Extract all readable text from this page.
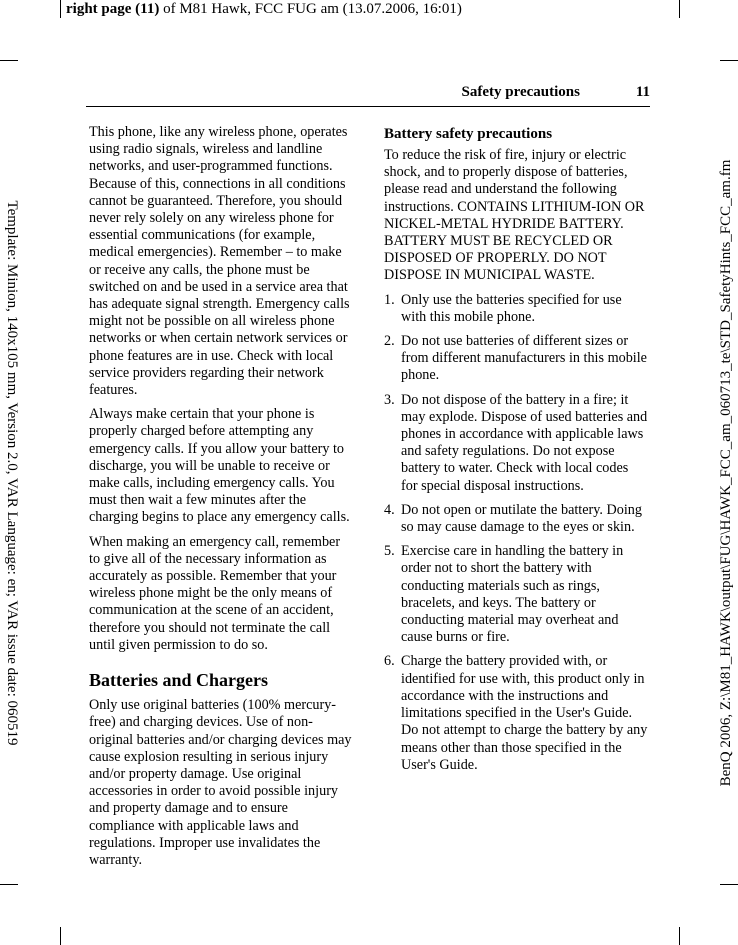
right page (11) of M81 Hawk, FCC FUG am (13.07.2006, 16:01)
Template: Minion, 140x105 mm, Version 2.0, VAR Language: en; VAR issue date: 060519	BenQ 2006, Z:\M81_HAWK\output\FUG\HAWK_FCC_am_060713_te\STD_SafetyHints_FCC_am.fm
Safety precautions	11

This phone, like any wireless phone, operates using radio signals, wireless and landline networks, and user-programmed functions. Because of this, connections in all conditions cannot be guaranteed. Therefore, you should never rely solely on any wireless phone for essential communications (for example, medical emergencies). Remember – to make or receive any calls, the phone must be switched on and be used in a service area that has adequate signal strength. Emergency calls might not be possible on all wireless phone networks or when certain network services or phone features are in use. Check with local service providers regarding their network features.

Always make certain that your phone is properly charged before attempting any emergency calls. If you allow your battery to discharge, you will be unable to receive or make calls, including emergency calls. You must then wait a few minutes after the charging begins to place any emergency calls.

When making an emergency call, remember to give all of the necessary information as accurately as possible. Remember that your wireless phone might be the only means of communication at the scene of an accident, therefore you should not terminate the call until given permission to do so.

Batteries and Chargers

Only use original batteries (100% mercury-free) and charging devices. Use of non-original batteries and/or charging devices may cause explosion resulting in serious injury and/or property damage. Use original accessories in order to avoid possible injury and property damage and to ensure compliance with applicable laws and regulations. Improper use invalidates the warranty.

Battery safety precautions

To reduce the risk of fire, injury or electric shock, and to properly dispose of batteries, please read and understand the following instructions. CONTAINS LITHIUM-ION OR NICKEL-METAL HYDRIDE BATTERY. BATTERY MUST BE RECYCLED OR DISPOSED OF PROPERLY. DO NOT DISPOSE IN MUNICIPAL WASTE.

1. Only use the batteries specified for use with this mobile phone.
2. Do not use batteries of different sizes or from different manufacturers in this mobile phone.
3. Do not dispose of the battery in a fire; it may explode. Dispose of used batteries and phones in accordance with applicable laws and safety regulations. Do not expose battery to water. Check with local codes for special disposal instructions.
4. Do not open or mutilate the battery. Doing so may cause damage to the eyes or skin.
5. Exercise care in handling the battery in order not to short the battery with conducting materials such as rings, bracelets, and keys. The battery or conducting material may overheat and cause burns or fire.
6. Charge the battery provided with, or identified for use with, this product only in accordance with the instructions and limitations specified in the User's Guide. Do not attempt to charge the battery by any means other than those specified in the User's Guide.
